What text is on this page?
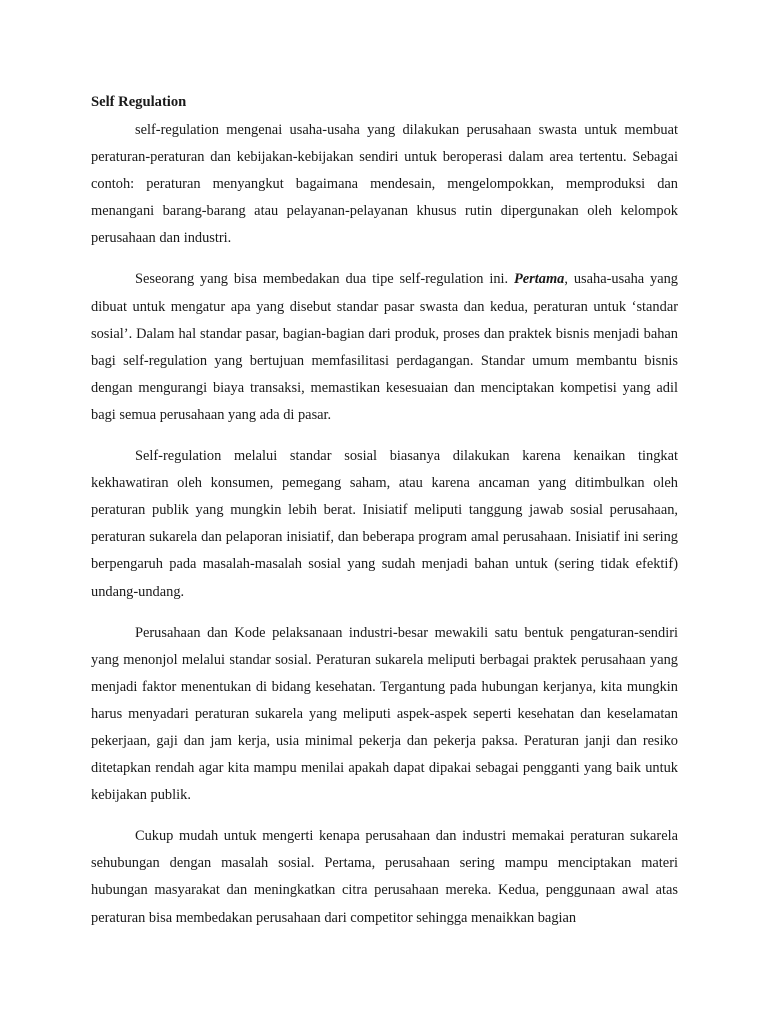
Self Regulation

self-regulation mengenai usaha-usaha yang dilakukan perusahaan swasta untuk membuat peraturan-peraturan dan kebijakan-kebijakan sendiri untuk beroperasi dalam area tertentu. Sebagai contoh: peraturan menyangkut bagaimana mendesain, mengelompokkan, memproduksi dan menangani barang-barang atau pelayanan-pelayanan khusus rutin dipergunakan oleh kelompok perusahaan dan industri.

Seseorang yang bisa membedakan dua tipe self-regulation ini. Pertama, usaha-usaha yang dibuat untuk mengatur apa yang disebut standar pasar swasta dan kedua, peraturan untuk ‘standar sosial’. Dalam hal standar pasar, bagian-bagian dari produk, proses dan praktek bisnis menjadi bahan bagi self-regulation yang bertujuan memfasilitasi perdagangan. Standar umum membantu bisnis dengan mengurangi biaya transaksi, memastikan kesesuaian dan menciptakan kompetisi yang adil bagi semua perusahaan yang ada di pasar.

Self-regulation melalui standar sosial biasanya dilakukan karena kenaikan tingkat kekhawatiran oleh konsumen, pemegang saham, atau karena ancaman yang ditimbulkan oleh peraturan publik yang mungkin lebih berat. Inisiatif meliputi tanggung jawab sosial perusahaan, peraturan sukarela dan pelaporan inisiatif, dan beberapa program amal perusahaan. Inisiatif ini sering berpengaruh pada masalah-masalah sosial yang sudah menjadi bahan untuk (sering tidak efektif) undang-undang.

Perusahaan dan Kode pelaksanaan industri-besar mewakili satu bentuk pengaturan-sendiri yang menonjol melalui standar sosial. Peraturan sukarela meliputi berbagai praktek perusahaan yang menjadi faktor menentukan di bidang kesehatan. Tergantung pada hubungan kerjanya, kita mungkin harus menyadari peraturan sukarela yang meliputi aspek-aspek seperti kesehatan dan keselamatan pekerjaan, gaji dan jam kerja, usia minimal pekerja dan pekerja paksa. Peraturan janji dan resiko ditetapkan rendah agar kita mampu menilai apakah dapat dipakai sebagai pengganti yang baik untuk kebijakan publik.

Cukup mudah untuk mengerti kenapa perusahaan dan industri memakai peraturan sukarela sehubungan dengan masalah sosial. Pertama, perusahaan sering mampu menciptakan materi hubungan masyarakat dan meningkatkan citra perusahaan mereka. Kedua, penggunaan awal atas peraturan bisa membedakan perusahaan dari competitor sehingga menaikkan bagian
